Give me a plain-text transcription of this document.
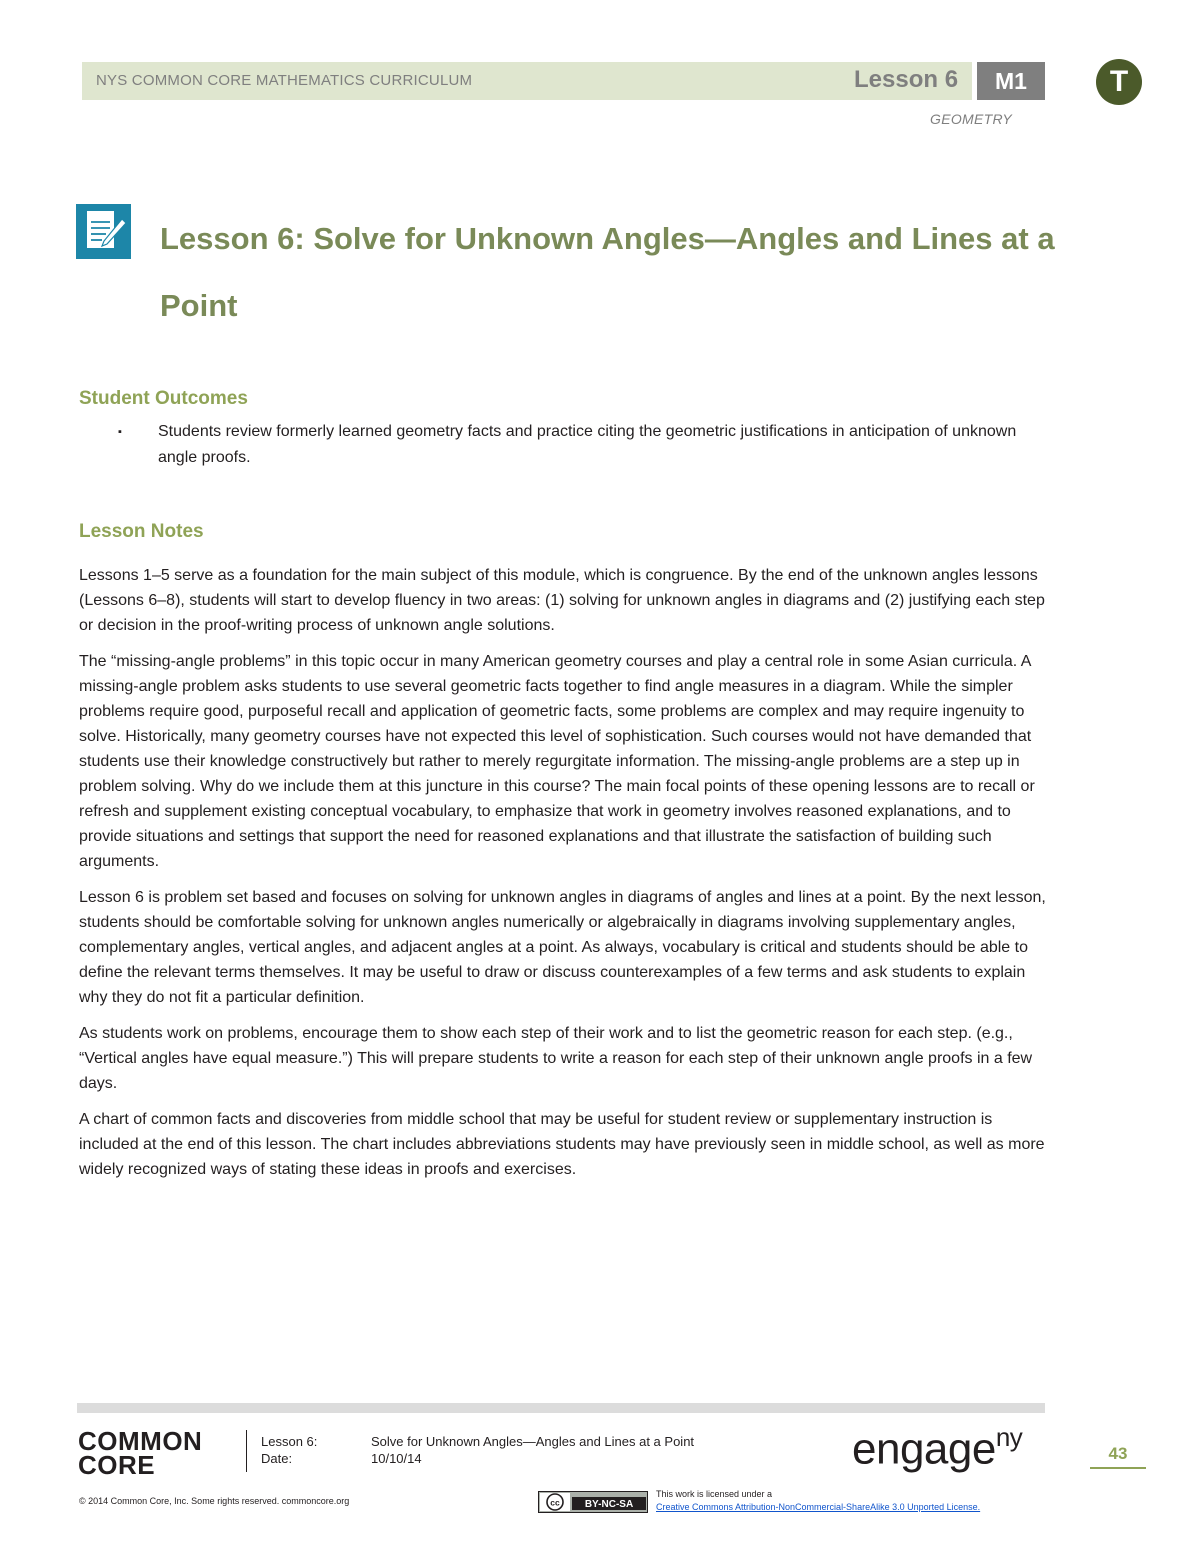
NYS COMMON CORE MATHEMATICS CURRICULUM	Lesson 6	M1
GEOMETRY
T
Lesson 6: Solve for Unknown Angles—Angles and Lines at a Point
Student Outcomes
▪	Students review formerly learned geometry facts and practice citing the geometric justifications in anticipation of unknown angle proofs.
Lesson Notes

Lessons 1–5 serve as a foundation for the main subject of this module, which is congruence. By the end of the unknown angles lessons (Lessons 6–8), students will start to develop fluency in two areas: (1) solving for unknown angles in diagrams and (2) justifying each step or decision in the proof-writing process of unknown angle solutions.

The “missing-angle problems” in this topic occur in many American geometry courses and play a central role in some Asian curricula. A missing-angle problem asks students to use several geometric facts together to find angle measures in a diagram. While the simpler problems require good, purposeful recall and application of geometric facts, some problems are complex and may require ingenuity to solve. Historically, many geometry courses have not expected this level of sophistication. Such courses would not have demanded that students use their knowledge constructively but rather to merely regurgitate information. The missing-angle problems are a step up in problem solving. Why do we include them at this juncture in this course? The main focal points of these opening lessons are to recall or refresh and supplement existing conceptual vocabulary, to emphasize that work in geometry involves reasoned explanations, and to provide situations and settings that support the need for reasoned explanations and that illustrate the satisfaction of building such arguments.

Lesson 6 is problem set based and focuses on solving for unknown angles in diagrams of angles and lines at a point. By the next lesson, students should be comfortable solving for unknown angles numerically or algebraically in diagrams involving supplementary angles, complementary angles, vertical angles, and adjacent angles at a point. As always, vocabulary is critical and students should be able to define the relevant terms themselves. It may be useful to draw or discuss counterexamples of a few terms and ask students to explain why they do not fit a particular definition.

As students work on problems, encourage them to show each step of their work and to list the geometric reason for each step. (e.g., “Vertical angles have equal measure.”) This will prepare students to write a reason for each step of their unknown angle proofs in a few days.

A chart of common facts and discoveries from middle school that may be useful for student review or supplementary instruction is included at the end of this lesson. The chart includes abbreviations students may have previously seen in middle school, as well as more widely recognized ways of stating these ideas in proofs and exercises.

COMMON
CORE
Lesson 6:
Date:
Solve for Unknown Angles—Angles and Lines at a Point
10/10/14	engage$^{ny}$
43
© 2014 Common Core, Inc. Some rights reserved. commoncore.org	cc	BY-NC-SA
This work is licensed under a
Creative Commons Attribution-NonCommercial-ShareAlike 3.0 Unported License.
